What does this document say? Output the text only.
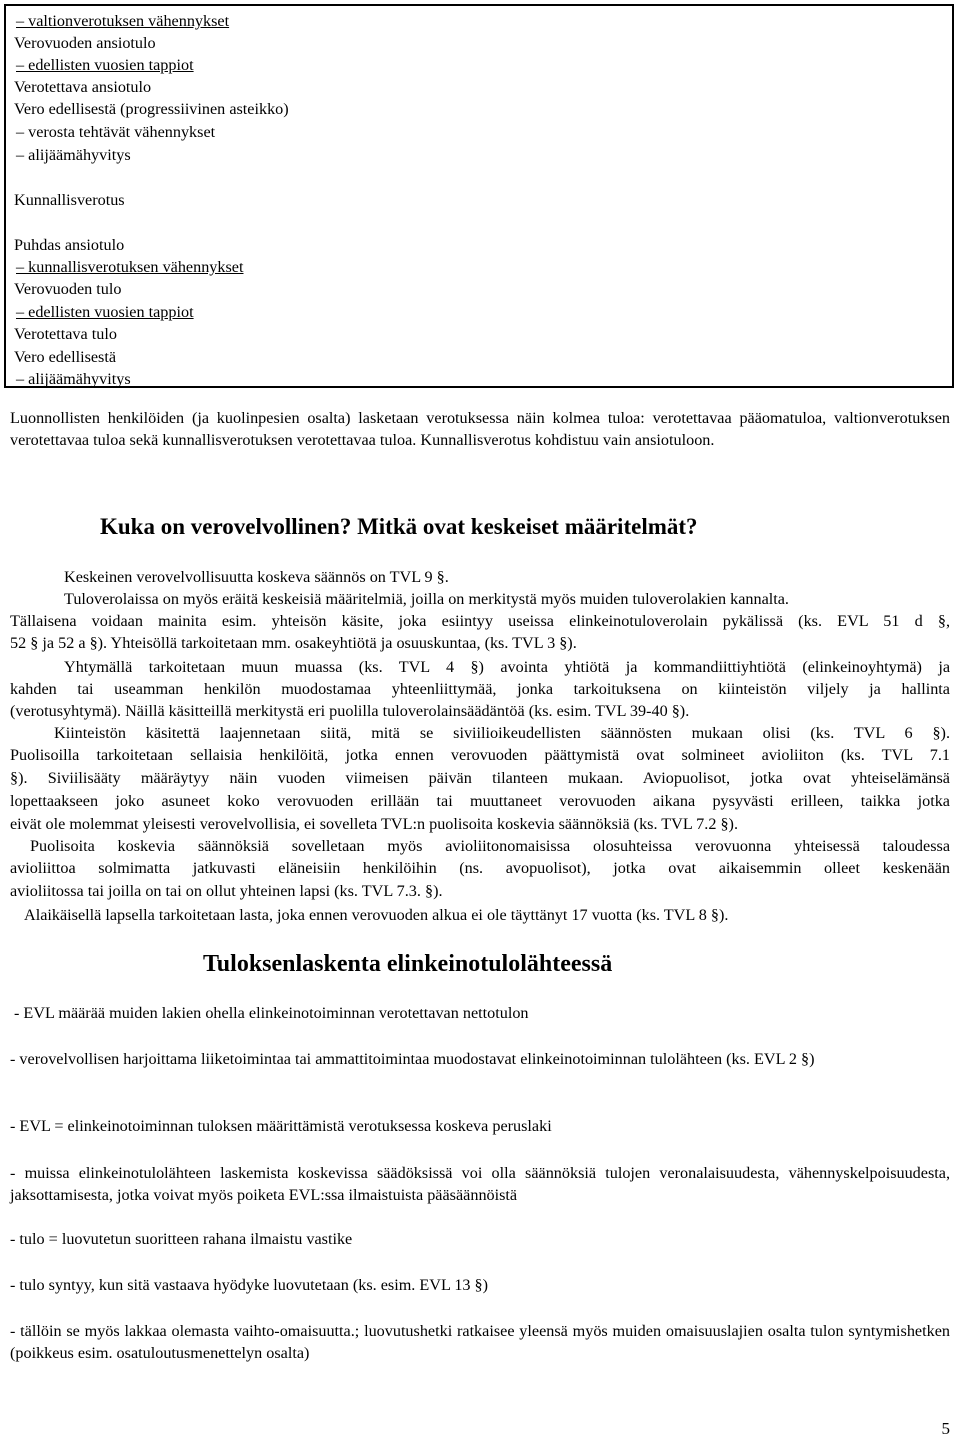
– valtionverotuksen vähennykset
Verovuoden ansiotulo
– edellisten vuosien tappiot
Verotettava ansiotulo
Vero edellisestä (progressiivinen asteikko)
– verosta tehtävät vähennykset
– alijäämähyvitys
Kunnallisverotus
Puhdas ansiotulo
– kunnallisverotuksen vähennykset
Verovuoden tulo
– edellisten vuosien tappiot
Verotettava tulo
Vero edellisestä
– alijäämähyvitys

Luonnollisten henkilöiden (ja kuolinpesien osalta) lasketaan verotuksessa näin kolmea tuloa: verotettavaa pääomatuloa, valtionverotuksen verotettavaa tuloa sekä kunnallisverotuksen verotettavaa tuloa. Kunnallisverotus kohdistuu vain ansiotuloon.

Kuka on verovelvollinen? Mitkä ovat keskeiset määritelmät?
Keskeinen verovelvollisuutta koskeva säännös on TVL 9 §.
Tuloverolaissa on myös eräitä keskeisiä määritelmiä, joilla on merkitystä myös muiden tuloverolakien kannalta.
Tällaisena voidaan mainita esim. yhteisön käsite, joka esiintyy useissa elinkeinotuloverolain pykälissä (ks. EVL 51 d §,
52 § ja 52 a §). Yhteisöllä tarkoitetaan mm. osakeyhtiötä ja osuuskuntaa, (ks. TVL 3 §).
Yhtymällä tarkoitetaan muun muassa (ks. TVL 4 §) avointa yhtiötä ja kommandiittiyhtiötä (elinkeinoyhtymä) ja
kahden tai useamman henkilön muodostamaa yhteenliittymää, jonka tarkoituksena on kiinteistön viljely ja hallinta
(verotusyhtymä). Näillä käsitteillä merkitystä eri puolilla tuloverolainsäädäntöä (ks. esim. TVL 39-40 §).
Kiinteistön käsitettä laajennetaan siitä, mitä se siviilioikeudellisten säännösten mukaan olisi (ks. TVL 6 §).
Puolisoilla tarkoitetaan sellaisia henkilöitä, jotka ennen verovuoden päättymistä ovat solmineet avioliiton (ks. TVL 7.1
§). Siviilisääty määräytyy näin vuoden viimeisen päivän tilanteen mukaan. Aviopuolisot, jotka ovat yhteiselämänsä
lopettaakseen joko asuneet koko verovuoden erillään tai muuttaneet verovuoden aikana pysyvästi erilleen, taikka jotka
eivät ole molemmat yleisesti verovelvollisia, ei sovelleta TVL:n puolisoita koskevia säännöksiä (ks. TVL 7.2 §).
Puolisoita koskevia säännöksiä sovelletaan myös avioliitonomaisissa olosuhteissa verovuonna yhteisessä taloudessa
avioliittoa solmimatta jatkuvasti eläneisiin henkilöihin (ns. avopuolisot), jotka ovat aikaisemmin olleet keskenään
avioliitossa tai joilla on tai on ollut yhteinen lapsi (ks. TVL 7.3. §).
Alaikäisellä lapsella tarkoitetaan lasta, joka ennen verovuoden alkua ei ole täyttänyt 17 vuotta (ks. TVL 8 §).
Tuloksenlaskenta elinkeinotulolähteessä
- EVL määrää muiden lakien ohella elinkeinotoiminnan verotettavan nettotulon
- verovelvollisen harjoittama liiketoimintaa tai ammattitoimintaa muodostavat elinkeinotoiminnan tulolähteen (ks. EVL 2 §)
- EVL = elinkeinotoiminnan tuloksen määrittämistä verotuksessa koskeva peruslaki
- muissa elinkeinotulolähteen laskemista koskevissa säädöksissä voi olla säännöksiä tulojen veronalaisuudesta, vähennyskelpoisuudesta, jaksottamisesta, jotka voivat myös poiketa EVL:ssa ilmaistuista pääsäännöistä
- tulo = luovutetun suoritteen rahana ilmaistu vastike
- tulo syntyy, kun sitä vastaava hyödyke luovutetaan (ks. esim. EVL 13 §)
- tällöin se myös lakkaa olemasta vaihto-omaisuutta.; luovutushetki ratkaisee yleensä myös muiden omaisuuslajien osalta tulon syntymishetken (poikkeus esim. osatuloutusmenettelyn osalta)
5
